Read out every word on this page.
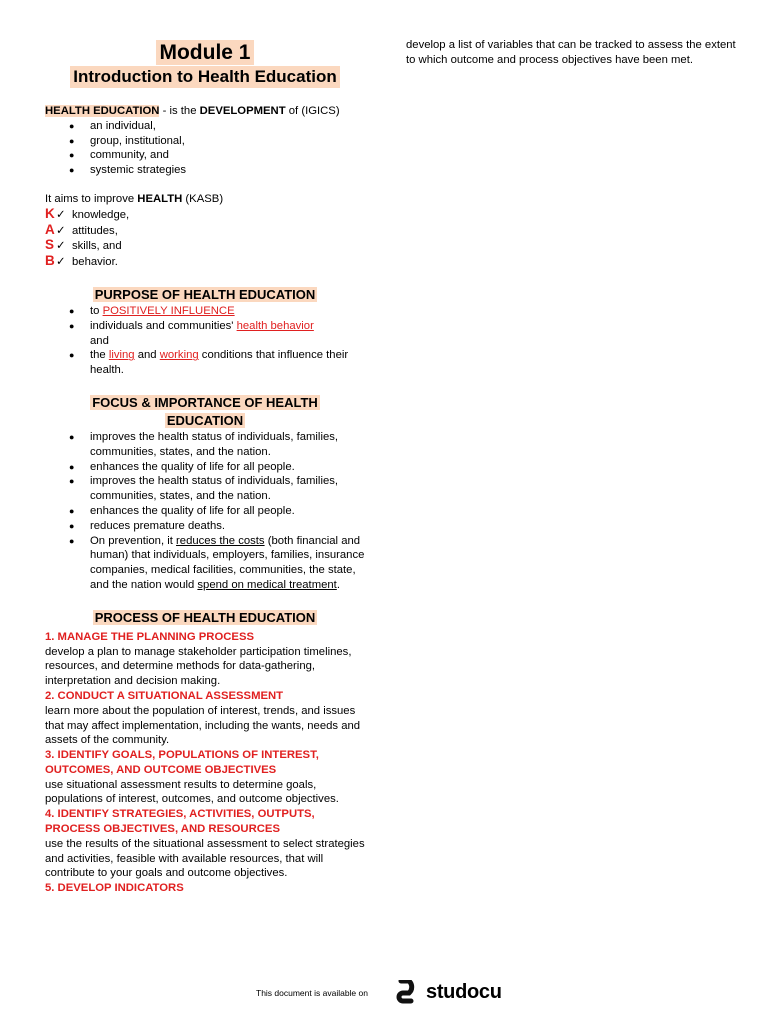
Module 1
Introduction to Health Education
HEALTH EDUCATION - is the DEVELOPMENT of (IGICS)
● an individual,
● group, institutional,
● community, and
● systemic strategies
It aims to improve HEALTH (KASB)
K✓ knowledge,
A✓ attitudes,
S ✓ skills, and
B✓ behavior.
PURPOSE OF HEALTH EDUCATION
● to POSITIVELY INFLUENCE
● individuals and communities' health behavior
and
● the living and working conditions that influence their health.
FOCUS & IMPORTANCE OF HEALTH
EDUCATION
● improves the health status of individuals, families, communities, states, and the nation.
● enhances the quality of life for all people.
● improves the health status of individuals, families, communities, states, and the nation.
● enhances the quality of life for all people.
● reduces premature deaths.
● On prevention, it reduces the costs (both financial and human) that individuals, employers, families, insurance companies, medical facilities, communities, the state, and the nation would spend on medical treatment.
PROCESS OF HEALTH EDUCATION
1. MANAGE THE PLANNING PROCESS
develop a plan to manage stakeholder participation timelines, resources, and determine methods for data-gathering, interpretation and decision making.
2. CONDUCT A SITUATIONAL ASSESSMENT
learn more about the population of interest, trends, and issues that may affect implementation, including the wants, needs and assets of the community.
3. IDENTIFY GOALS, POPULATIONS OF INTEREST, OUTCOMES, AND OUTCOME OBJECTIVES
use situational assessment results to determine goals, populations of interest, outcomes, and outcome objectives.
4. IDENTIFY STRATEGIES, ACTIVITIES, OUTPUTS, PROCESS OBJECTIVES, AND RESOURCES
use the results of the situational assessment to select strategies and activities, feasible with available resources, that will contribute to your goals and outcome objectives.
5. DEVELOP INDICATORS
develop a list of variables that can be tracked to assess the extent to which outcome and process objectives have been met.
This document is available on	studocu
